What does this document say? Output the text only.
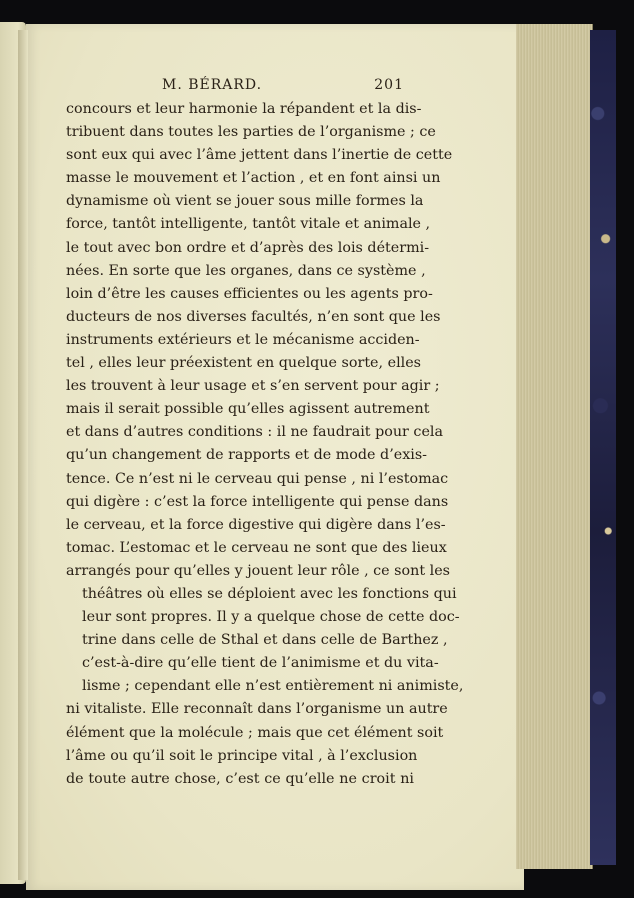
M. BÉRARD.	201
concours et leur harmonie la répandent et la dis-
tribuent dans toutes les parties de l’organisme ; ce
sont eux qui avec l’âme jettent dans l’inertie de cette
masse le mouvement et l’action , et en font ainsi un
dynamisme où vient se jouer sous mille formes la
force, tantôt intelligente, tantôt vitale et animale ,
le tout avec bon ordre et d’après des lois détermi-
nées. En sorte que les organes, dans ce système ,
loin d’être les causes efficientes ou les agents pro-
ducteurs de nos diverses facultés, n’en sont que les
instruments extérieurs et le mécanisme acciden-
tel , elles leur préexistent en quelque sorte, elles
les trouvent à leur usage et s’en servent pour agir ;
mais il serait possible qu’elles agissent autrement
et dans d’autres conditions : il ne faudrait pour cela
qu’un changement de rapports et de mode d’exis-
tence. Ce n’est ni le cerveau qui pense , ni l’estomac
qui digère : c’est la force intelligente qui pense dans
le cerveau, et la force digestive qui digère dans l’es-
tomac. L’estomac et le cerveau ne sont que des lieux
arrangés pour qu’elles y jouent leur rôle , ce sont les
théâtres où elles se déploient avec les fonctions qui
leur sont propres. Il y a quelque chose de cette doc-
trine dans celle de Sthal et dans celle de Barthez ,
c’est-à-dire qu’elle tient de l’animisme et du vita-
lisme ; cependant elle n’est entièrement ni animiste,
ni vitaliste. Elle reconnaît dans l’organisme un autre
élément que la molécule ; mais que cet élément soit
l’âme ou qu’il soit le principe vital , à l’exclusion
de toute autre chose, c’est ce qu’elle ne croit ni
